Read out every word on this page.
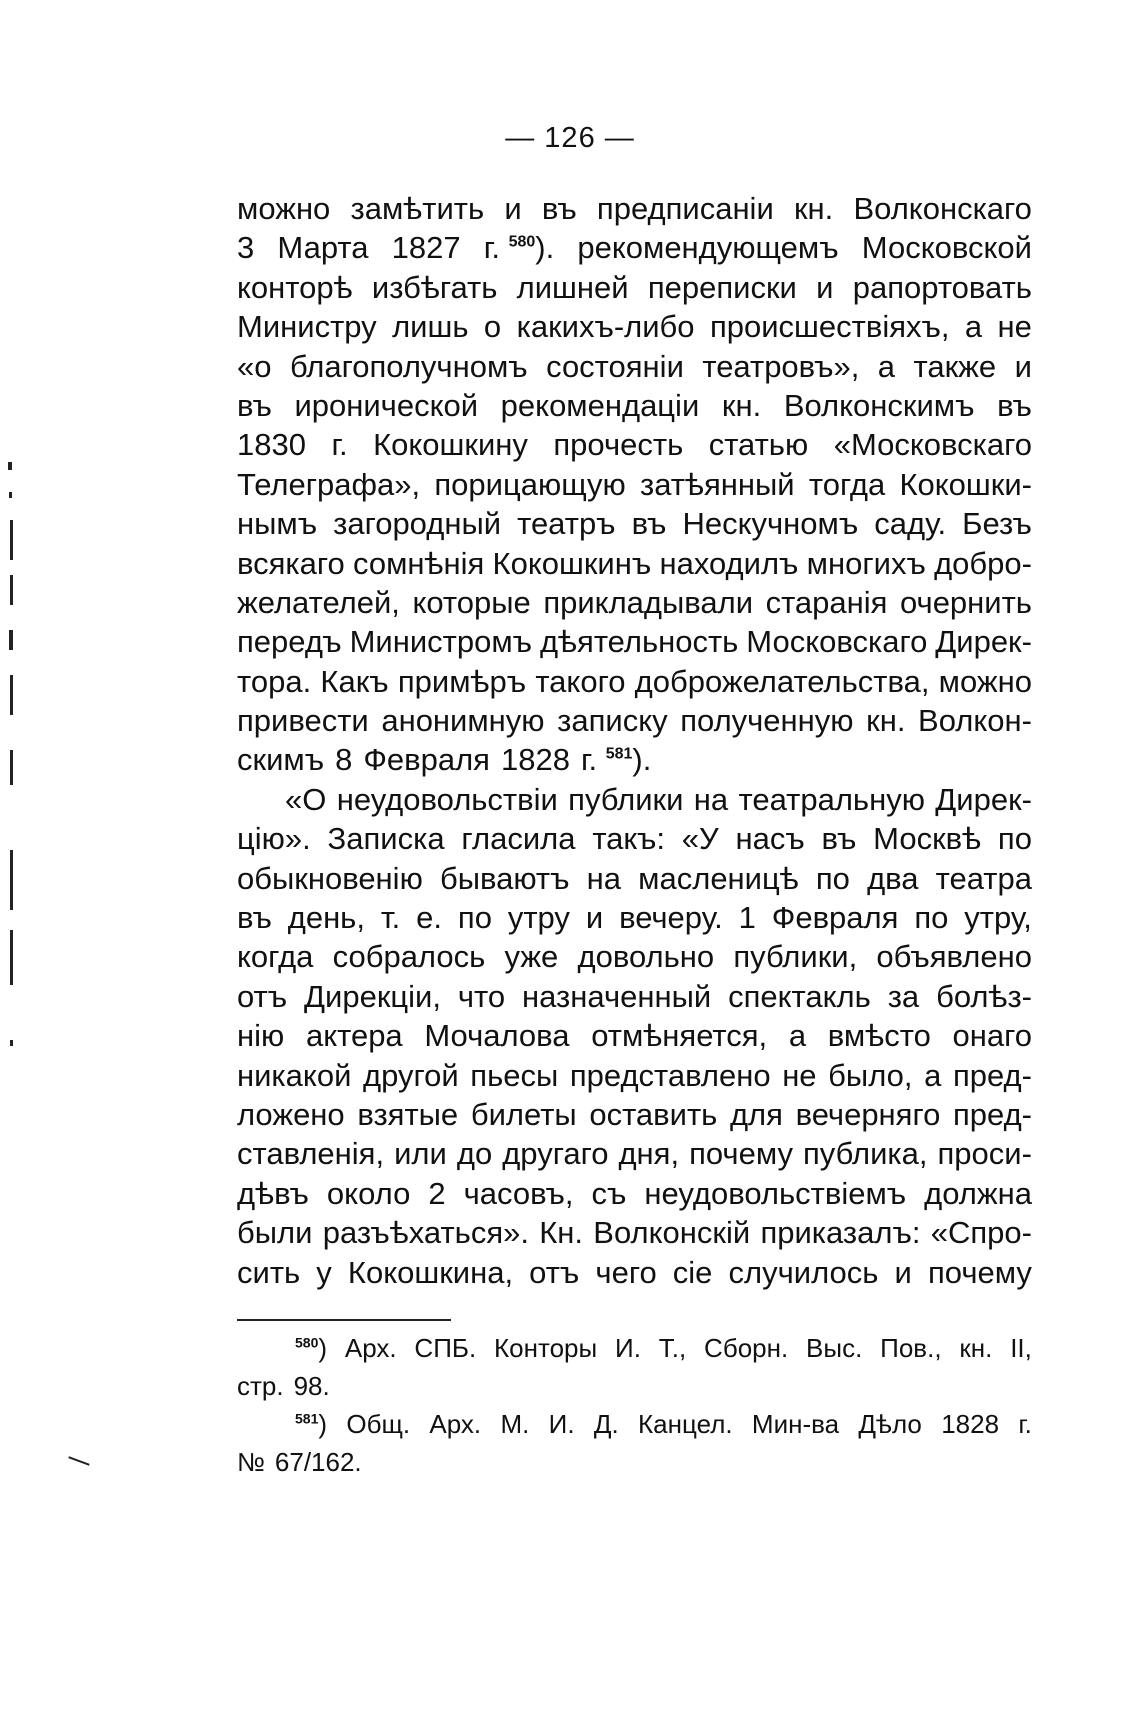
— 126 —
можно замѣтить и въ предписаніи кн. Волконскаго
3 Марта 1827 г. $^{580}$). рекомендующемъ Московской
конторѣ избѣгать лишней переписки и рапортовать
Министру лишь о какихъ-либо происшествіяхъ, а не
«о благополучномъ состояніи театровъ», а также и
въ иронической рекомендаціи кн. Волконскимъ въ
1830 г. Кокошкину прочесть статью «Московскаго
Телеграфа», порицающую затѣянный тогда Кокошки-
нымъ загородный театръ въ Нескучномъ саду. Безъ
всякаго сомнѣнія Кокошкинъ находилъ многихъ добро-
желателей, которые прикладывали старанія очернить
передъ Министромъ дѣятельность Московскаго Дирек-
тора. Какъ примѣръ такого доброжелательства, можно
привести анонимную записку полученную кн. Волкон-
скимъ 8 Февраля 1828 г. $^{581}$).
«О неудовольствіи публики на театральную Дирек-
цію». Записка гласила такъ: «У насъ въ Москвѣ по
обыкновенію бываютъ на масленицѣ по два театра
въ день, т. е. по утру и вечеру. 1 Февраля по утру,
когда собралось уже довольно публики, объявлено
отъ Дирекціи, что назначенный спектакль за болѣз-
нію актера Мочалова отмѣняется, а вмѣсто онаго
никакой другой пьесы представлено не было, а пред-
ложено взятые билеты оставить для вечерняго пред-
ставленія, или до другаго дня, почему публика, проси-
дѣвъ около 2 часовъ, съ неудовольствіемъ должна
были разъѣхаться». Кн. Волконскій приказалъ: «Спро-
сить у Кокошкина, отъ чего сіе случилось и почему
$^{580}$) Арх. СПБ. Конторы И. Т., Сборн. Выс. Пов., кн. II,
стр. 98.
$^{581}$) Общ. Арх. М. И. Д. Канцел. Мин-ва Дѣло 1828 г.
№ 67/162.
